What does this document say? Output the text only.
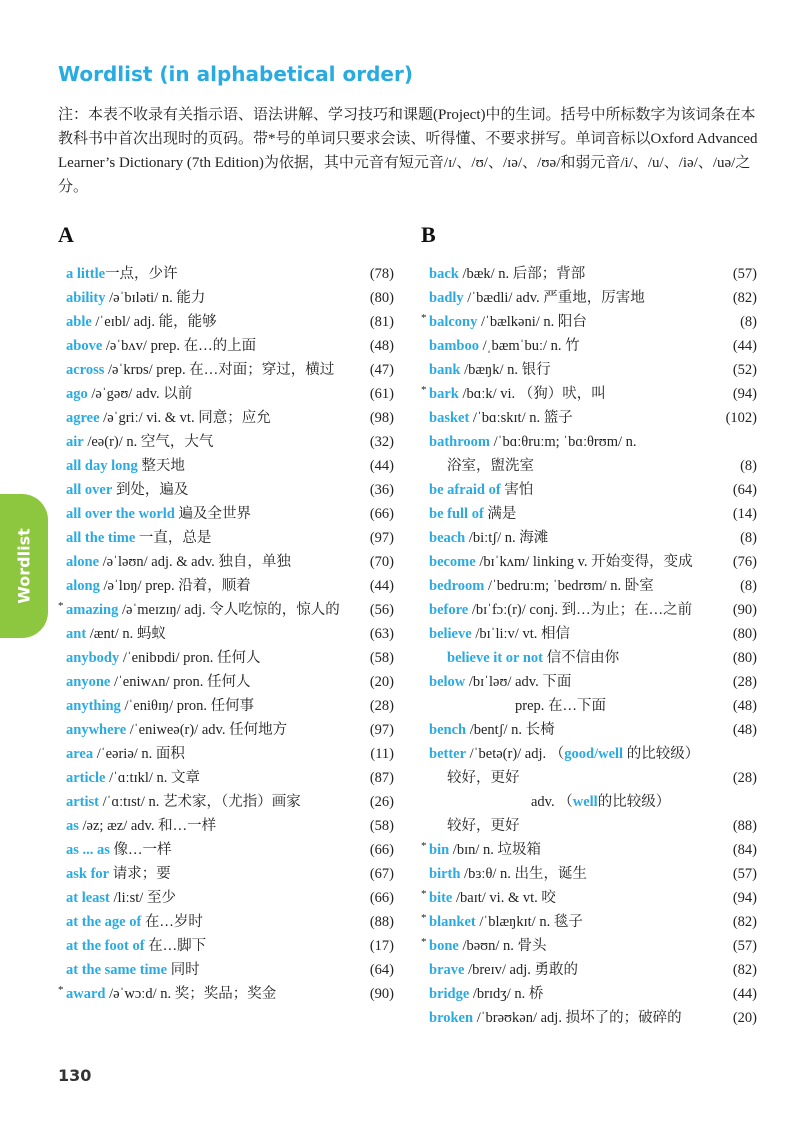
Wordlist (in alphabetical order)
注：本表不收录有关指示语、语法讲解、学习技巧和课题(Project)中的生词。括号中所标数字为该词条在本教科书中首次出现时的页码。带*号的单词只要求会读、听得懂、不要求拼写。单词音标以Oxford Advanced Learner’s Dictionary (7th Edition)为依据，其中元音有短元音/ɪ/、/ʊ/、/ɪə/、/ʊə/和弱元音/i/、/u/、/iə/、/uə/之分。
Wordlist
A
a little一点，少许	(78)
ability /əˈbɪləti/ n. 能力	(80)
able /ˈeɪbl/ adj. 能，能够	(81)
above /əˈbʌv/ prep. 在…的上面	(48)
across /əˈkrɒs/ prep. 在…对面；穿过，横过 (47)
ago /əˈgəʊ/ adv. 以前	(61)
agree /əˈgriː/ vi. & vt. 同意；应允	(98)
air /eə(r)/ n. 空气，大气	(32)
all day long 整天地	(44)
all over 到处，遍及	(36)
all over the world 遍及全世界	(66)
all the time 一直，总是	(97)
alone /əˈləʊn/ adj. & adv. 独自，单独	(70)
along /əˈlɒŋ/ prep. 沿着，顺着	(44)
* amazing /əˈmeɪzɪŋ/ adj. 令人吃惊的，惊人的 (56)
ant /ænt/ n. 蚂蚁	(63)
anybody /ˈenibɒdi/ pron. 任何人	(58)
anyone /ˈeniwʌn/ pron. 任何人	(20)
anything /ˈeniθɪŋ/ pron. 任何事	(28)
anywhere /ˈeniweə(r)/ adv. 任何地方	(97)
area /ˈeəriə/ n. 面积	(11)
article /ˈɑːtɪkl/ n. 文章	(87)
artist /ˈɑːtɪst/ n. 艺术家，（尤指）画家	(26)
as /əz; æz/ adv. 和…一样	(58)
as ... as 像…一样	(66)
ask for 请求；要	(67)
at least /liːst/ 至少	(66)
at the age of 在…岁时	(88)
at the foot of 在…脚下	(17)
at the same time 同时	(64)
* award /əˈwɔːd/ n. 奖；奖品；奖金	(90)
B
back /bæk/ n. 后部；背部	(57)
badly /ˈbædli/ adv. 严重地，厉害地	(82)
* balcony /ˈbælkəni/ n. 阳台	(8)
bamboo /ˌbæmˈbuː/ n. 竹	(44)
bank /bæŋk/ n. 银行	(52)
* bark /bɑːk/ vi. （狗）吠，叫	(94)
basket /ˈbɑːskɪt/ n. 篮子	(102)
bathroom /ˈbɑːθruːm; ˈbɑːθrʊm/ n.
浴室，盥洗室	(8)
be afraid of 害怕	(64)
be full of 满是	(14)
beach /biːtʃ/ n. 海滩	(8)
become /bɪˈkʌm/ linking v. 开始变得，变成	(76)
bedroom /ˈbedruːm; ˈbedrʊm/ n. 卧室	(8)
before /bɪˈfɔː(r)/ conj. 到…为止；在…之前	(90)
believe /bɪˈliːv/ vt. 相信	(80)
believe it or not 信不信由你	(80)
below /bɪˈləʊ/ adv. 下面	(28)
prep. 在…下面	(48)
bench /bentʃ/ n. 长椅	(48)
better /ˈbetə(r)/ adj. （good/well 的比较级）
较好，更好	(28)
adv. （well的比较级）
较好，更好	(88)
* bin /bɪn/ n. 垃圾箱	(84)
birth /bɜːθ/ n. 出生，诞生	(57)
* bite /baɪt/ vi. & vt. 咬	(94)
* blanket /ˈblæŋkɪt/ n. 毯子	(82)
* bone /bəʊn/ n. 骨头	(57)
brave /breɪv/ adj. 勇敢的	(82)
bridge /brɪdʒ/ n. 桥	(44)
broken /ˈbrəʊkən/ adj. 损坏了的；破碎的	(20)

130
